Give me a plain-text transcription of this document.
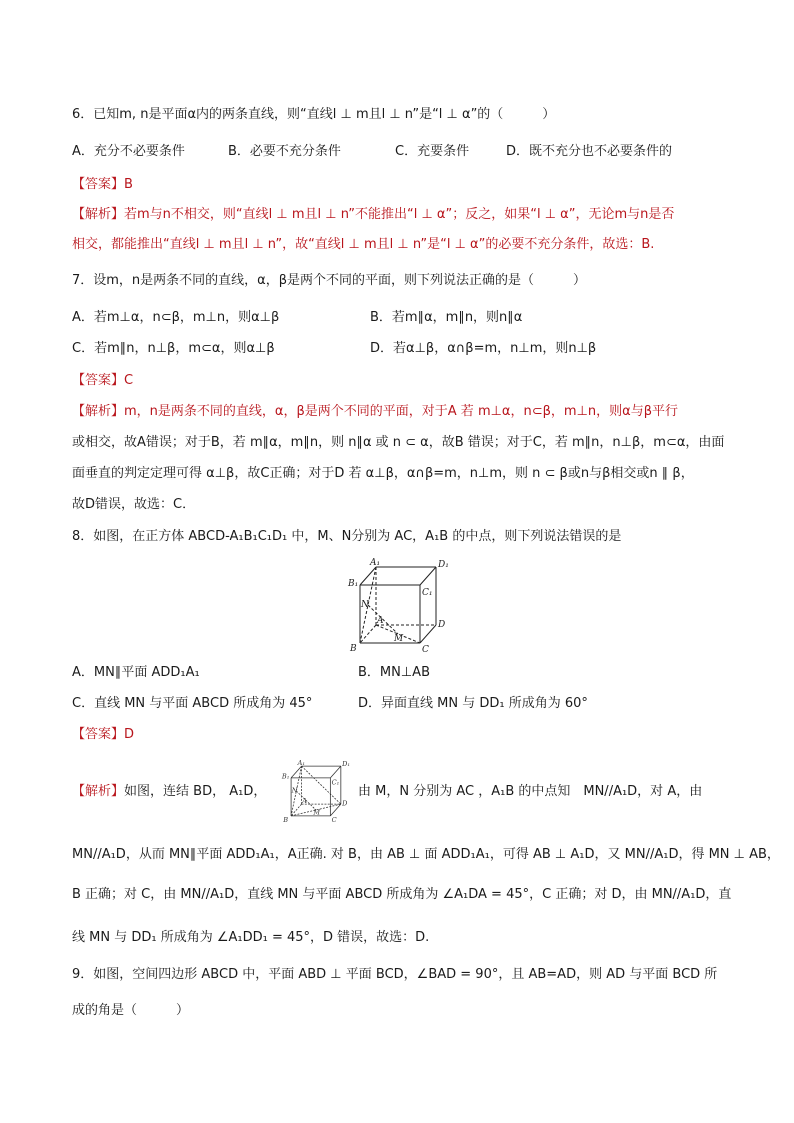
6．已知m, n是平面α内的两条直线，则“直线l ⊥ m且l ⊥ n”是“l ⊥ α”的（　　　）
A．充分不必要条件	B．必要不充分条件	C．充要条件	D．既不充分也不必要条件的
【答案】B
【解析】若m与n不相交，则“直线l ⊥ m且l ⊥ n”不能推出“l ⊥ α”；反之，如果“l ⊥ α”，无论m与n是否
相交，都能推出“直线l ⊥ m且l ⊥ n”，故“直线l ⊥ m且l ⊥ n”是“l ⊥ α”的必要不充分条件，故选：B.
7．设m，n是两条不同的直线，α，β是两个不同的平面，则下列说法正确的是（　　　）
A．若m⊥α，n⊂β，m⊥n，则α⊥β	B．若m∥α，m∥n，则n∥α
C．若m∥n，n⊥β，m⊂α，则α⊥β	D．若α⊥β，α∩β=m，n⊥m，则n⊥β
【答案】C
【解析】m，n是两条不同的直线，α，β是两个不同的平面，对于A 若 m⊥α，n⊂β，m⊥n，则α与β平行
或相交，故A错误；对于B，若 m∥α，m∥n，则 n∥α 或 n ⊂ α，故B 错误；对于C，若 m∥n，n⊥β，m⊂α，由面
面垂直的判定定理可得 α⊥β，故C正确；对于D 若 α⊥β，α∩β=m，n⊥m，则 n ⊂ β或n与β相交或n ∥ β，
故D错误，故选：C．
8．如图，在正方体 ABCD-A₁B₁C₁D₁ 中，M、N分别为 AC，A₁B 的中点，则下列说法错误的是
A₁	D₁
B₁
C₁
N
A	D
M
B	C
A．MN∥平面 ADD₁A₁	B．MN⊥AB
C．直线 MN 与平面 ABCD 所成角为 45°	D．异面直线 MN 与 DD₁ 所成角为 60°
【答案】D
【解析】如图，连结 BD， A₁D，
A₁	D₁
B₁
C₁
N
A	D
M
B	C
由 M，N 分别为 AC ，A₁B 的中点知　MN//A₁D，对 A，由
MN//A₁D，从而 MN∥平面 ADD₁A₁，A正确. 对 B，由 AB ⊥ 面 ADD₁A₁，可得 AB ⊥ A₁D，又 MN//A₁D，得 MN ⊥ AB，
B 正确；对 C，由 MN//A₁D，直线 MN 与平面 ABCD 所成角为 ∠A₁DA = 45°，C 正确；对 D，由 MN//A₁D，直
线 MN 与 DD₁ 所成角为 ∠A₁DD₁ = 45°，D 错误，故选：D.
9．如图，空间四边形 ABCD 中，平面 ABD ⊥ 平面 BCD，∠BAD = 90°，且 AB=AD，则 AD 与平面 BCD 所
成的角是（　　　）
